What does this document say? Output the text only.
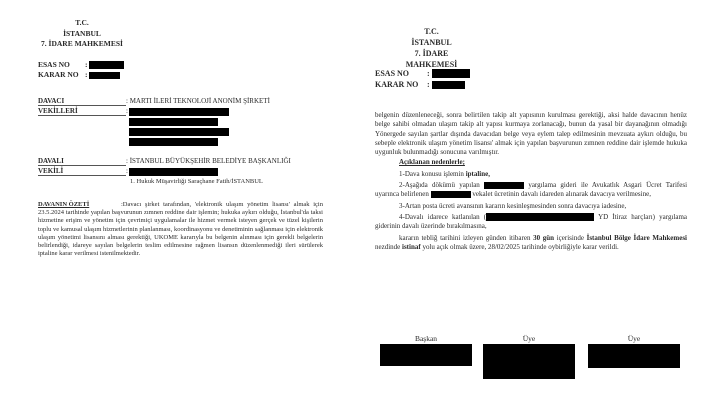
T.C.
İSTANBUL
7. İDARE MAHKEMESİ
ESAS NO	:
KARAR NO :
DAVACI	: MARTI İLERİ TEKNOLOJİ ANONİM ŞİRKETİ
VEKİLLERİ	:
DAVALI	: İSTANBUL BÜYÜKŞEHİR BELEDİYE BAŞKANLIĞI
VEKİLİ	:
1. Hukuk Müşavirliği Saraçhane Fatih/İSTANBUL
DAVANIN ÖZETİ	:Davacı şirket tarafından, 'elektronik ulaşım yönetim lisansı' almak için 23.5.2024 tarihinde yapılan başvurunun zımnen reddine dair işlemin; hukuka aykırı olduğu, İstanbul'da taksi hizmetine erişim ve yönetim için çevrimiçi uygulamalar ile hizmet vermek isteyen gerçek ve tüzel kişilerin toplu ve kamusal ulaşım hizmetlerinin planlanması, koordinasyonu ve denetiminin sağlanması için elektronik ulaşım yönetimi lisansını alması gerektiği, UKOME kararıyla bu belgenin alınması için gerekli belgelerin belirlendiği, idareye sayılan belgelerin teslim edilmesine rağmen lisansın düzenlenmediği ileri sürülerek iptaline karar verilmesi istenilmektedir.
T.C.
İSTANBUL
7. İDARE MAHKEMESİ
ESAS NO	:
KARAR NO	:

belgenin düzenleneceği, sonra belirtilen takip alt yapısının kurulması gerektiği, aksi halde davacının henüz belge sahibi olmadan ulaşım takip alt yapısı kurmaya zorlanacağı, bunun da yasal bir dayanağının olmadığı Yönergede sayılan şartlar dışında davacıdan belge veya eylem talep edilmesinin mevzuata aykırı olduğu, bu sebeple elektronik ulaşım yönetim lisansı' almak için yapılan başvurunun zımnen reddine dair işlemde hukuka uygunluk bulunmadığı sonucuna varılmıştır.

Açıklanan nedenlerle;

1-Dava konusu işlemin iptaline,

2-Aşağıda dökümü yapılan	yargılama gideri ile Avukatlık Asgari Ücret Tarifesi uyarınca belirlenen	vekalet ücretinin davalı idareden alınarak davacıya verilmesine,

3-Artan posta ücreti avansının kararın kesinleşmesinden sonra davacıya iadesine,

4-Davalı idarece katlanılan (	YD İtiraz harçları) yargılama giderinin davalı üzerinde bırakılmasına,

kararın tebliğ tarihini izleyen günden itibaren 30 gün içerisinde İstanbul Bölge İdare Mahkemesi nezdinde istinaf yolu açık olmak üzere, 28/02/2025 tarihinde oybirliğiyle karar verildi.

Başkan	Üye	Üye
